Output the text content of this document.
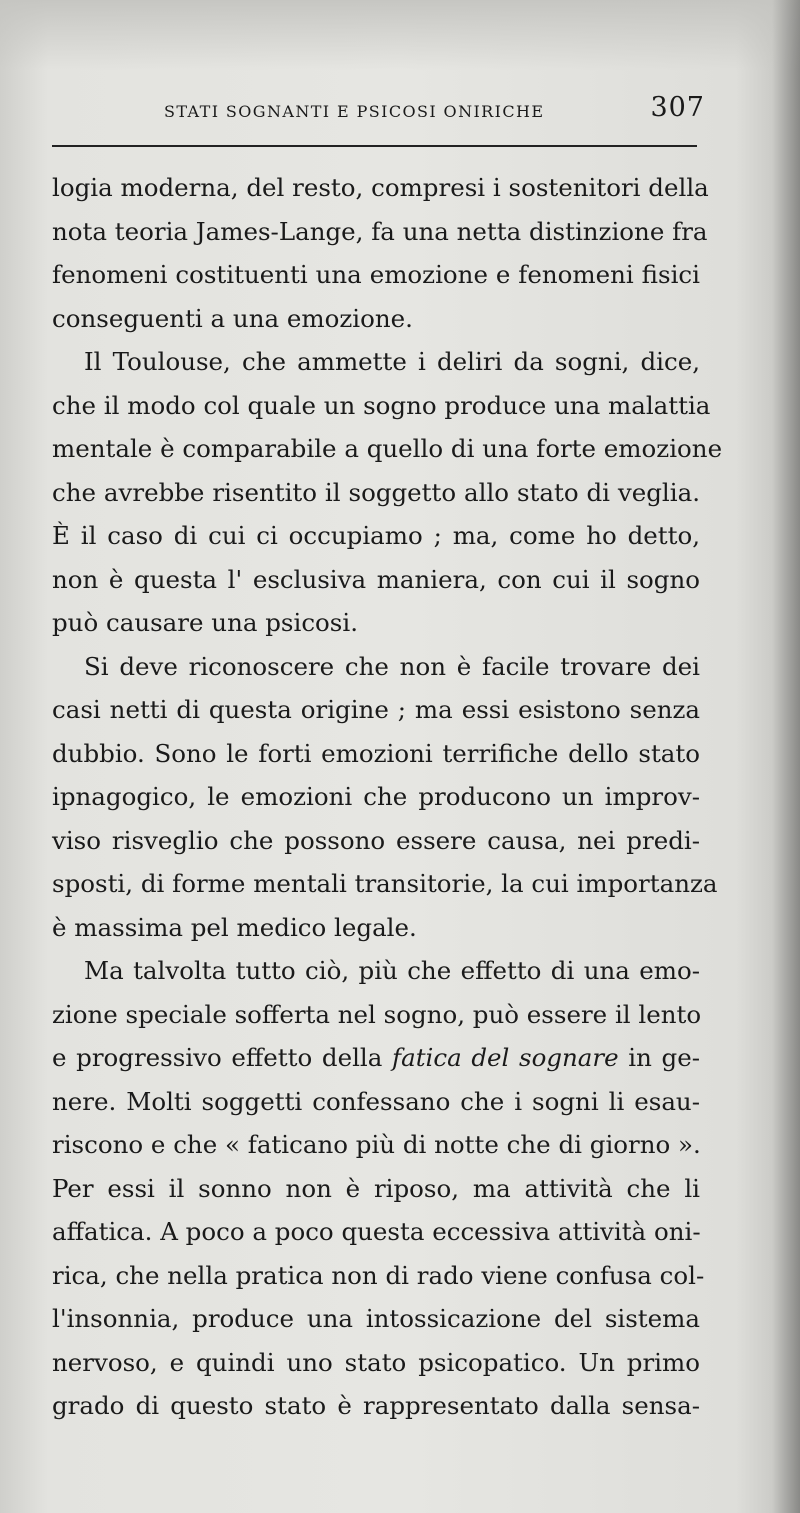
STATI SOGNANTI E PSICOSI ONIRICHE	307
logia moderna, del resto, compresi i sostenitori della
nota teoria James-Lange, fa una netta distinzione fra
fenomeni costituenti una emozione e fenomeni fisici
conseguenti a una emozione.
Il Toulouse, che ammette i deliri da sogni, dice,
che il modo col quale un sogno produce una malattia
mentale è comparabile a quello di una forte emozione
che avrebbe risentito il soggetto allo stato di veglia.
È il caso di cui ci occupiamo ; ma, come ho detto,
non è questa l' esclusiva maniera, con cui il sogno
può causare una psicosi.
Si deve riconoscere che non è facile trovare dei
casi netti di questa origine ; ma essi esistono senza
dubbio. Sono le forti emozioni terrifiche dello stato
ipnagogico, le emozioni che producono un improv-
viso risveglio che possono essere causa, nei predi-
sposti, di forme mentali transitorie, la cui importanza
è massima pel medico legale.
Ma talvolta tutto ciò, più che effetto di una emo-
zione speciale sofferta nel sogno, può essere il lento
e progressivo effetto della fatica del sognare in ge-
nere. Molti soggetti confessano che i sogni li esau-
riscono e che « faticano più di notte che di giorno ».
Per essi il sonno non è riposo, ma attività che li
affatica. A poco a poco questa eccessiva attività oni-
rica, che nella pratica non di rado viene confusa col-
l'insonnia, produce una intossicazione del sistema
nervoso, e quindi uno stato psicopatico. Un primo
grado di questo stato è rappresentato dalla sensa-
